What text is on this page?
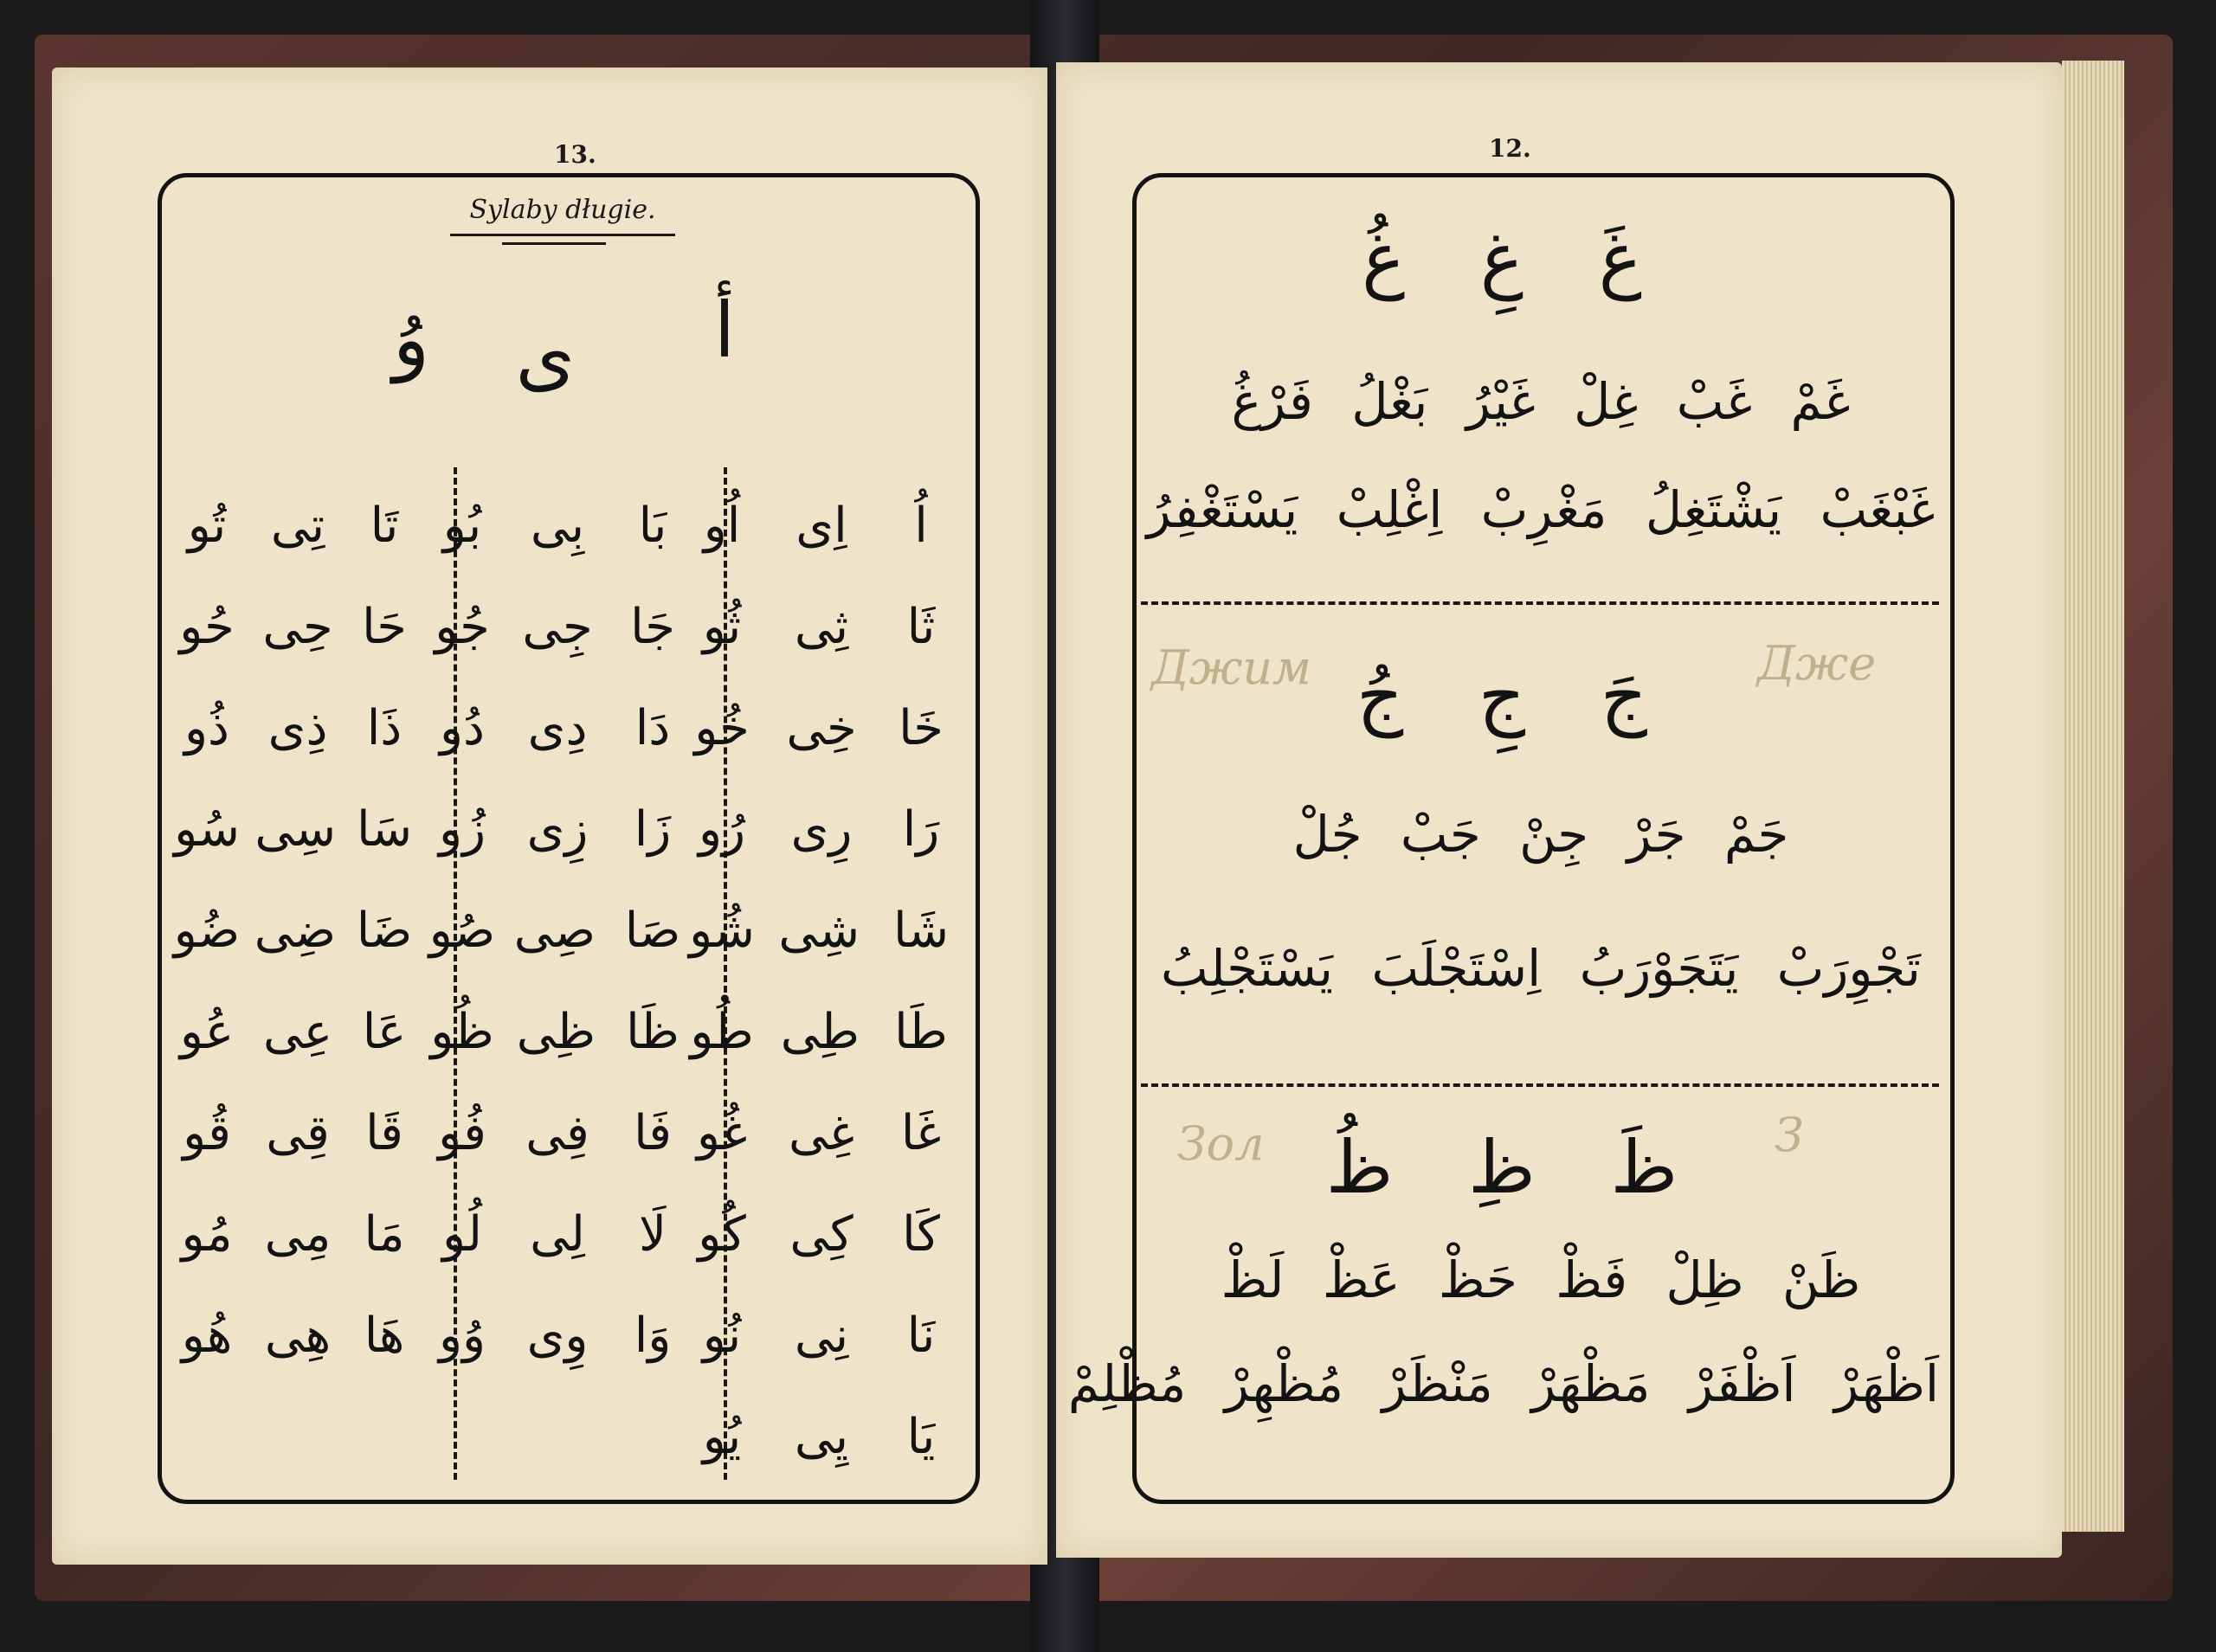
13.
Sylaby długie.
أ
ى
وُ
اُ
اِى
اُو
ثَا
ثِى
ثُو
خَا
خِى
خُو
رَا
رِى
رُو
شَا
شِى
شُو
طَا
طِى
طُو
غَا
غِى
غُو
كَا
كِى
كُو
نَا
نِى
نُو
يَا
يِى
يُو
بَا
بِى
بُو
جَا
جِى
جُو
دَا
دِى
دُو
زَا
زِى
زُو
صَا
صِى
صُو
ظَا
ظِى
ظُو
فَا
فِى
فُو
لَا
لِى
لُو
وَا
وِى
وُو
تَا
تِى
تُو
حَا
حِى
حُو
ذَا
ذِى
ذُو
سَا
سِى
سُو
ضَا
ضِى
ضُو
عَا
عِى
عُو
قَا
قِى
قُو
مَا
مِى
مُو
هَا
هِى
هُو
12.
Джим	Дже
Зол	З
غَ غِ غُ
غَمْ غَبْ غِلْ غَيْرُ بَغْلُ فَرْغُ
غَبْغَبْ يَشْتَغِلُ مَغْرِبْ اِغْلِبْ يَسْتَغْفِرُ
جَ جِ جُ
جَمْ جَرْ جِنْ جَبْ جُلْ
تَجْوِرَبْ يَتَجَوْرَبُ اِسْتَجْلَبَ يَسْتَجْلِبُ
ظَ ظِ ظُ
ظَنْ ظِلْ فَظْ حَظْ عَظْ لَظْ
اَظْهَرْ اَظْفَرْ مَظْهَرْ مَنْظَرْ مُظْهِرْ مُظْلِمْ
